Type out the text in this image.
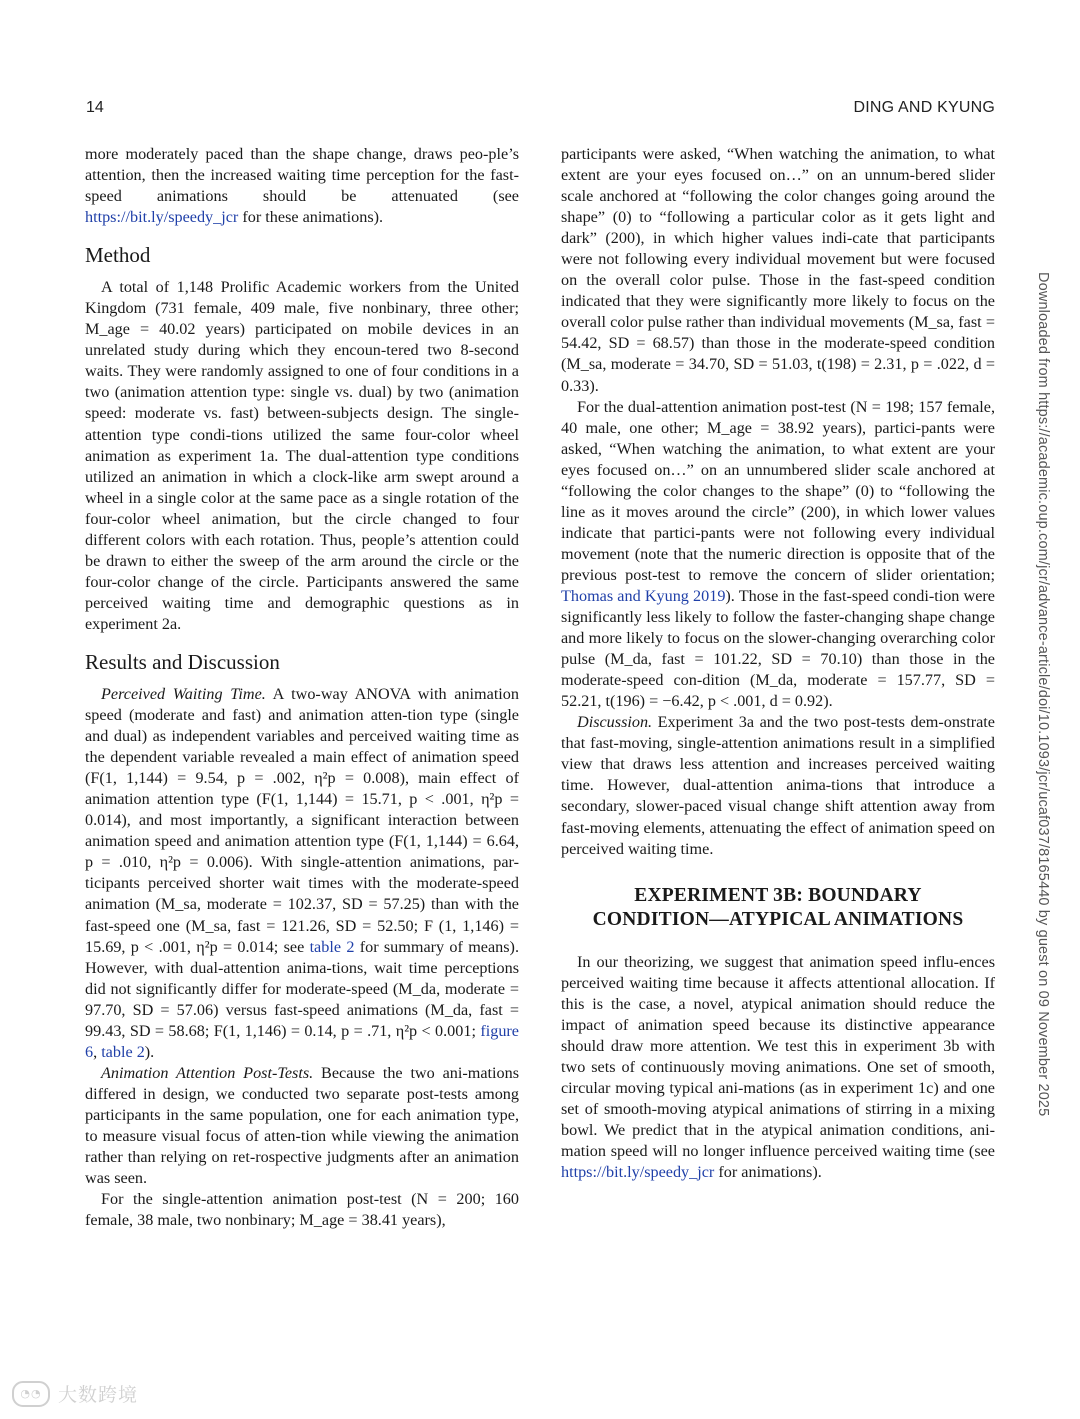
14	DING AND KYUNG

more moderately paced than the shape change, draws peo-ple’s attention, then the increased waiting time perception for the fast-speed animations should be attenuated (see https://bit.ly/speedy_jcr for these animations).

Method

A total of 1,148 Prolific Academic workers from the United Kingdom (731 female, 409 male, five nonbinary, three other; M_age = 40.02 years) participated on mobile devices in an unrelated study during which they encoun-tered two 8-second waits. They were randomly assigned to one of four conditions in a two (animation attention type: single vs. dual) by two (animation speed: moderate vs. fast) between-subjects design. The single-attention type condi-tions utilized the same four-color wheel animation as experiment 1a. The dual-attention type conditions utilized an animation in which a clock-like arm swept around a wheel in a single color at the same pace as a single rotation of the four-color wheel animation, but the circle changed to four different colors with each rotation. Thus, people’s attention could be drawn to either the sweep of the arm around the circle or the four-color change of the circle. Participants answered the same perceived waiting time and demographic questions as in experiment 2a.

Results and Discussion

Perceived Waiting Time. A two-way ANOVA with animation speed (moderate and fast) and animation atten-tion type (single and dual) as independent variables and perceived waiting time as the dependent variable revealed a main effect of animation speed (F(1, 1,144) = 9.54, p = .002, η²p = 0.008), main effect of animation attention type (F(1, 1,144) = 15.71, p < .001, η²p = 0.014), and most importantly, a significant interaction between animation speed and animation attention type (F(1, 1,144) = 6.64, p = .010, η²p = 0.006). With single-attention animations, par-ticipants perceived shorter wait times with the moderate-speed animation (M_sa, moderate = 102.37, SD = 57.25) than with the fast-speed one (M_sa, fast = 121.26, SD = 52.50; F (1, 1,146) = 15.69, p < .001, η²p = 0.014; see table 2 for summary of means). However, with dual-attention anima-tions, wait time perceptions did not significantly differ for moderate-speed (M_da, moderate = 97.70, SD = 57.06) versus fast-speed animations (M_da, fast = 99.43, SD = 58.68; F(1, 1,146) = 0.14, p = .71, η²p < 0.001; figure 6, table 2).

Animation Attention Post-Tests. Because the two ani-mations differed in design, we conducted two separate post-tests among participants in the same population, one for each animation type, to measure visual focus of atten-tion while viewing the animation rather than relying on ret-rospective judgments after an animation was seen.

For the single-attention animation post-test (N = 200; 160 female, 38 male, two nonbinary; M_age = 38.41 years),

participants were asked, “When watching the animation, to what extent are your eyes focused on…” on an unnum-bered slider scale anchored at “following the color changes going around the shape” (0) to “following a particular color as it gets light and dark” (200), in which higher values indi-cate that participants were not following every individual movement but were focused on the overall color pulse. Those in the fast-speed condition indicated that they were significantly more likely to focus on the overall color pulse rather than individual movements (M_sa, fast = 54.42, SD = 68.57) than those in the moderate-speed condition (M_sa, moderate = 34.70, SD = 51.03, t(198) = 2.31, p = .022, d = 0.33).

For the dual-attention animation post-test (N = 198; 157 female, 40 male, one other; M_age = 38.92 years), partici-pants were asked, “When watching the animation, to what extent are your eyes focused on…” on an unnumbered slider scale anchored at “following the color changes to the shape” (0) to “following the line as it moves around the circle” (200), in which lower values indicate that partici-pants were not following every individual movement (note that the numeric direction is opposite that of the previous post-test to remove the concern of slider orientation; Thomas and Kyung 2019). Those in the fast-speed condi-tion were significantly less likely to follow the faster-changing shape change and more likely to focus on the slower-changing overarching color pulse (M_da, fast = 101.22, SD = 70.10) than those in the moderate-speed con-dition (M_da, moderate = 157.77, SD = 52.21, t(196) = −6.42, p < .001, d = 0.92).

Discussion. Experiment 3a and the two post-tests dem-onstrate that fast-moving, single-attention animations result in a simplified view that draws less attention and increases perceived waiting time. However, dual-attention anima-tions that introduce a secondary, slower-paced visual change shift attention away from fast-moving elements, attenuating the effect of animation speed on perceived waiting time.

EXPERIMENT 3B: BOUNDARY
CONDITION—ATYPICAL ANIMATIONS

In our theorizing, we suggest that animation speed influ-ences perceived waiting time because it affects attentional allocation. If this is the case, a novel, atypical animation should reduce the impact of animation speed because its distinctive appearance should draw more attention. We test this in experiment 3b with two sets of continuously moving animations. One set of smooth, circular moving typical ani-mations (as in experiment 1c) and one set of smooth-moving atypical animations of stirring in a mixing bowl. We predict that in the atypical animation conditions, ani-mation speed will no longer influence perceived waiting time (see https://bit.ly/speedy_jcr for animations).

Downloaded from https://academic.oup.com/jcr/advance-article/doi/10.1093/jcr/ucaf037/8165440 by guest on 09 November 2025
◔◔ 大数跨境
